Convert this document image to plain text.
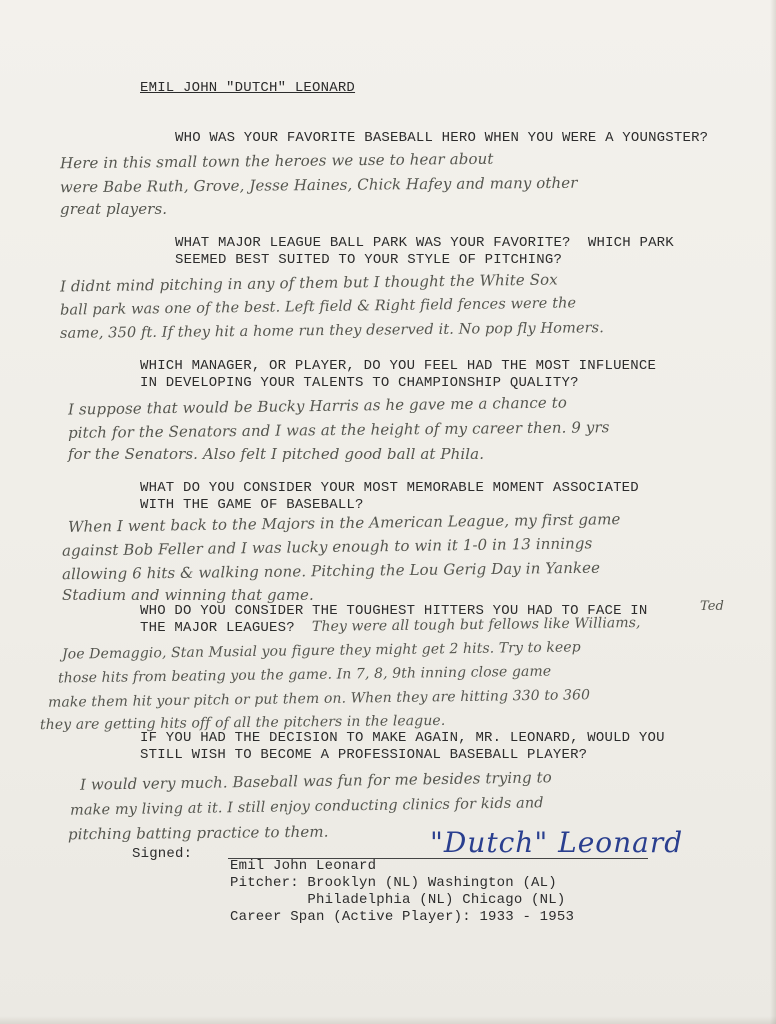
EMIL JOHN "DUTCH" LEONARD

WHO WAS YOUR FAVORITE BASEBALL HERO WHEN YOU WERE A YOUNGSTER?

Here in this small town the heroes we use to hear about

were Babe Ruth, Grove, Jesse Haines, Chick Hafey and many other

great players.

WHAT MAJOR LEAGUE BALL PARK WAS YOUR FAVORITE?  WHICH PARK

SEEMED BEST SUITED TO YOUR STYLE OF PITCHING?

I didnt mind pitching in any of them but I thought the White Sox

ball park was one of the best. Left field & Right field fences were the

same, 350 ft. If they hit a home run they deserved it. No pop fly Homers.

WHICH MANAGER, OR PLAYER, DO YOU FEEL HAD THE MOST INFLUENCE

IN DEVELOPING YOUR TALENTS TO CHAMPIONSHIP QUALITY?

I suppose that would be Bucky Harris as he gave me a chance to

pitch for the Senators and I was at the height of my career then. 9 yrs

for the Senators. Also felt I pitched good ball at Phila.

WHAT DO YOU CONSIDER YOUR MOST MEMORABLE MOMENT ASSOCIATED

WITH THE GAME OF BASEBALL?

When I went back to the Majors in the American League, my first game

against Bob Feller and I was lucky enough to win it 1-0 in 13 innings

allowing 6 hits & walking none. Pitching the Lou Gerig Day in Yankee

Stadium and winning that game.

WHO DO YOU CONSIDER THE TOUGHEST HITTERS YOU HAD TO FACE IN	Ted

THE MAJOR LEAGUES? They were all tough but fellows like Williams,

Joe Demaggio, Stan Musial you figure they might get 2 hits. Try to keep

those hits from beating you the game. In 7, 8, 9th inning close game

make them hit your pitch or put them on. When they are hitting 330 to 360

they are getting hits off of all the pitchers in the league.

IF YOU HAD THE DECISION TO MAKE AGAIN, MR. LEONARD, WOULD YOU

STILL WISH TO BECOME A PROFESSIONAL BASEBALL PLAYER?

I would very much. Baseball was fun for me besides trying to

make my living at it. I still enjoy conducting clinics for kids and

pitching batting practice to them.

Signed:	"Dutch" Leonard

Emil John Leonard

Pitcher: Brooklyn (NL) Washington (AL)

Philadelphia (NL) Chicago (NL)

Career Span (Active Player): 1933 - 1953
